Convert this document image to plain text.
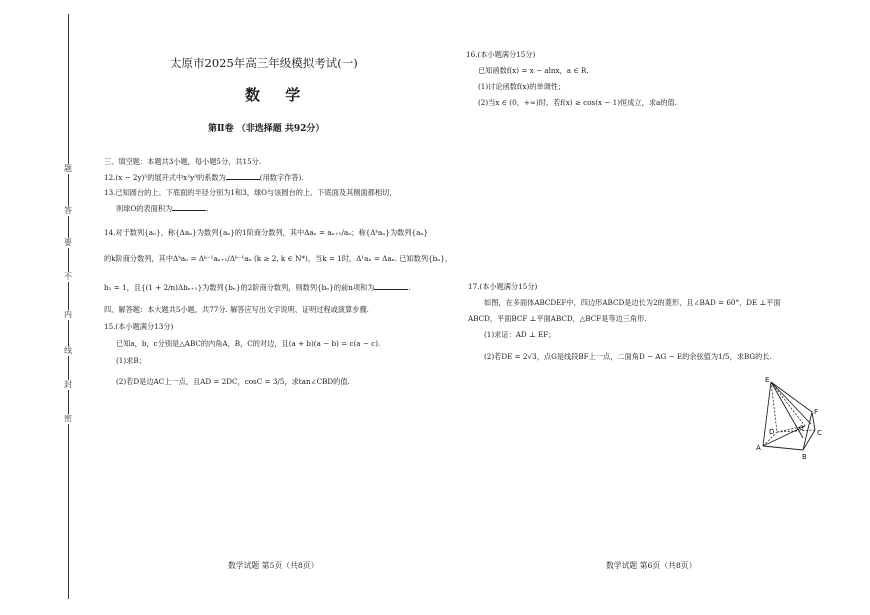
题
答
要
不
内
线
封
密
太原市2025年高三年级模拟考试(一)
数 学
第Ⅱ卷 （非选择题 共92分）
三、填空题：本题共3小题，每小题5分，共15分.
12.(x − 2y)⁵的展开式中x²y³的系数为	(用数字作答).
13.已知圆台的上、下底面的半径分别为1和3，球O与该圆台的上、下底面及其侧面都相切，
则球O的表面积为	.
14.对于数列{aₙ}，称{Δaₙ}为数列{aₙ}的1阶商分数列，其中Δaₙ = aₙ₊₁/aₙ；称{Δᵏaₙ}为数列{aₙ}
的k阶商分数列，其中Δᵏaₙ = Δᵏ⁻¹aₙ₊₁/Δᵏ⁻¹aₙ (k ≥ 2, k ∈ N*)，当k = 1时，Δ¹aₙ = Δaₙ. 已知数列{bₙ}，
b₁ = 1，且{(1 + 2/n)Δbₙ₊₁}为数列{bₙ}的2阶商分数列，则数列{bₙ}的前n项和为	.
四、解答题：本大题共5小题，共77分. 解答应写出文字说明、证明过程或演算步骤.
15.(本小题满分13分)
已知a，b，c分别是△ABC的内角A，B，C的对边，且(a + b)(a − b) = c(a − c).
(1)求B；
(2)若D是边AC上一点，且AD = 2DC，cosC = 3/5，求tan∠CBD的值.
数学试题 第5页（共8页）
16.(本小题满分15分)
已知函数f(x) = x − alnx，a ∈ R.
(1)讨论函数f(x)的单调性；
(2)当x ∈ (0，+∞)时，若f(x) ≥ cos(x − 1)恒成立，求a的值.
17.(本小题满分15分)
如图，在多面体ABCDEF中，四边形ABCD是边长为2的菱形，且∠BAD = 60°，DE ⊥平面
ABCD，平面BCF ⊥平面ABCD，△BCF是等边三角形.
(1)求证：AD ⊥ EF；
(2)若DE = 2√3，点G是线段BF上一点，二面角D − AG − E的余弦值为1/5，求BG的长.
E
F
D	G
C
A
B
数学试题 第6页（共8页）
